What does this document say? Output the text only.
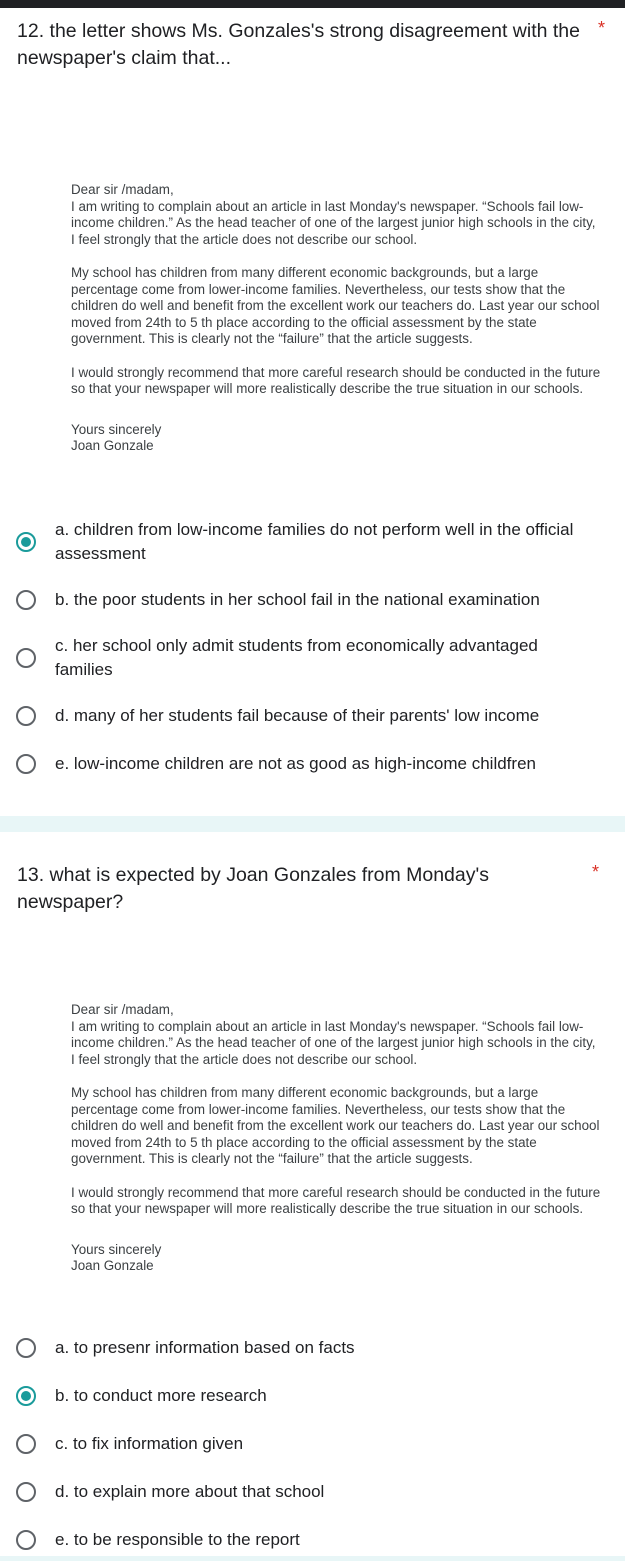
12. the letter shows Ms. Gonzales's strong disagreement with the newspaper's claim that...
*

Dear sir /madam,

I am writing to complain about an article in last Monday's newspaper. “Schools fail low-income children.” As the head teacher of one of the largest junior high schools in the city, I feel strongly that the article does not describe our school.

My school has children from many different economic backgrounds, but a large percentage come from lower-income families. Nevertheless, our tests show that the children do well and benefit from the excellent work our teachers do. Last year our school moved from 24th to 5 th place according to the official assessment by the state government. This is clearly not the “failure” that the article suggests.

I would strongly recommend that more careful research should be conducted in the future so that your newspaper will more realistically describe the true situation in our schools.

Yours sincerely

Joan Gonzale

a. children from low-income families do not perform well in the official assessment
b. the poor students in her school fail in the national examination
c. her school only admit students from economically advantaged families
d. many of her students fail because of their parents' low income
e. low-income children are not as good as high-income childfren
13. what is expected by Joan Gonzales from Monday's newspaper?
*

Dear sir /madam,

I am writing to complain about an article in last Monday's newspaper. “Schools fail low-income children.” As the head teacher of one of the largest junior high schools in the city, I feel strongly that the article does not describe our school.

My school has children from many different economic backgrounds, but a large percentage come from lower-income families. Nevertheless, our tests show that the children do well and benefit from the excellent work our teachers do. Last year our school moved from 24th to 5 th place according to the official assessment by the state government. This is clearly not the “failure” that the article suggests.

I would strongly recommend that more careful research should be conducted in the future so that your newspaper will more realistically describe the true situation in our schools.

Yours sincerely

Joan Gonzale

a. to presenr information based on facts
b. to conduct more research
c. to fix information given
d. to explain more about that school
e. to be responsible to the report
